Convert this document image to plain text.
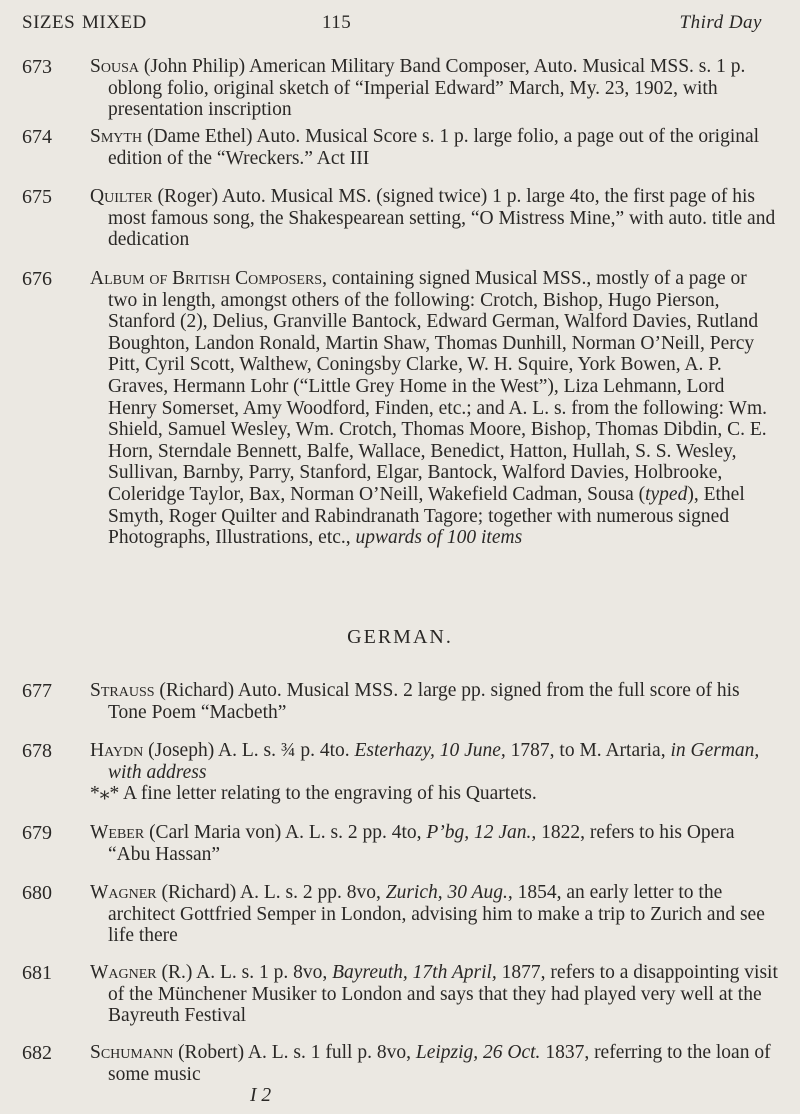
SIZES MIXED	115	Third Day
673 Sousa (John Philip) American Military Band Composer, Auto. Musical MSS. s. 1 p. oblong folio, original sketch of “Imperial Edward” March, My. 23, 1902, with presentation inscription
674 Smyth (Dame Ethel) Auto. Musical Score s. 1 p. large folio, a page out of the original edition of the “Wreckers.” Act III
675 Quilter (Roger) Auto. Musical MS. (signed twice) 1 p. large 4to, the first page of his most famous song, the Shakespearean setting, “O Mistress Mine,” with auto. title and dedication
676 Album of British Composers, containing signed Musical MSS., mostly of a page or two in length, amongst others of the following: Crotch, Bishop, Hugo Pierson, Stanford (2), Delius, Granville Bantock, Edward German, Walford Davies, Rutland Boughton, Landon Ronald, Martin Shaw, Thomas Dunhill, Norman O’Neill, Percy Pitt, Cyril Scott, Walthew, Coningsby Clarke, W. H. Squire, York Bowen, A. P. Graves, Hermann Lohr (“Little Grey Home in the West”), Liza Lehmann, Lord Henry Somerset, Amy Woodford, Finden, etc.; and A. L. s. from the following: Wm. Shield, Samuel Wesley, Wm. Crotch, Thomas Moore, Bishop, Thomas Dibdin, C. E. Horn, Sterndale Bennett, Balfe, Wallace, Benedict, Hatton, Hullah, S. S. Wesley, Sullivan, Barnby, Parry, Stanford, Elgar, Bantock, Walford Davies, Holbrooke, Coleridge Taylor, Bax, Norman O’Neill, Wakefield Cadman, Sousa (typed), Ethel Smyth, Roger Quilter and Rabindranath Tagore; together with numerous signed Photographs, Illustrations, etc., upwards of 100 items
GERMAN.
677 Strauss (Richard) Auto. Musical MSS. 2 large pp. signed from the full score of his Tone Poem “Macbeth”
678 Haydn (Joseph) A. L. s. ¾ p. 4to. Esterhazy, 10 June, 1787, to M. Artaria, in German, with address
*⁎* A fine letter relating to the engraving of his Quartets.
679 Weber (Carl Maria von) A. L. s. 2 pp. 4to, P’bg, 12 Jan., 1822, refers to his Opera “Abu Hassan”
680 Wagner (Richard) A. L. s. 2 pp. 8vo, Zurich, 30 Aug., 1854, an early letter to the architect Gottfried Semper in London, advising him to make a trip to Zurich and see life there
681 Wagner (R.) A. L. s. 1 p. 8vo, Bayreuth, 17th April, 1877, refers to a disappointing visit of the Münchener Musiker to London and says that they had played very well at the Bayreuth Festival
682 Schumann (Robert) A. L. s. 1 full p. 8vo, Leipzig, 26 Oct. 1837, referring to the loan of some music
I 2
